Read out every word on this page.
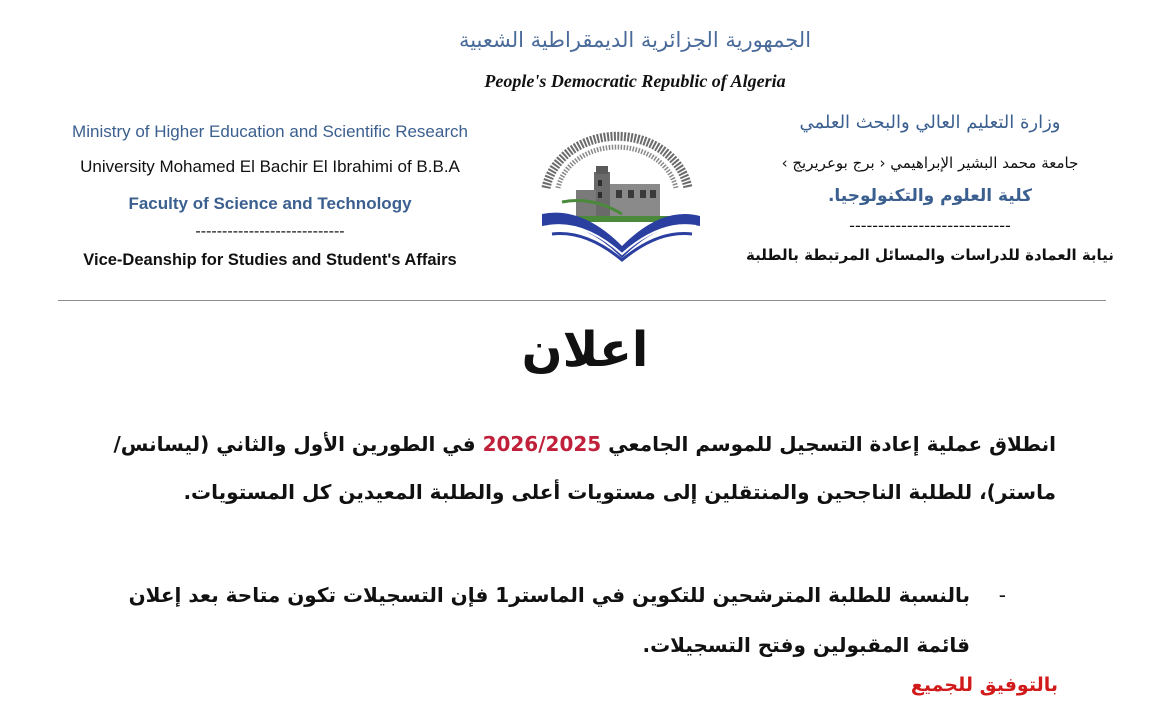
الجمهورية الجزائرية الديمقراطية الشعبية
People's Democratic Republic of Algeria

Ministry of Higher Education and Scientific Research

University Mohamed El Bachir El Ibrahimi of B.B.A

Faculty of Science and Technology

----------------------------

Vice-Deanship for Studies and Student's Affairs

وزارة التعليم العالي والبحث العلمي

جامعة محمد البشير الإبراهيمي ‹ برج بوعريريج ›

كلية العلوم والتكنولوجيا.

----------------------------

نيابة العمادة للدراسات والمسائل المرتبطة بالطلبة

اعلان
انطلاق عملية إعادة التسجيل للموسم الجامعي 2026/2025 في الطورين الأول والثاني (ليسانس/ماستر)، للطلبة الناجحين والمنتقلين إلى مستويات أعلى والطلبة المعيدين كل المستويات.
-
بالنسبة للطلبة المترشحين للتكوين في الماستر1 فإن التسجيلات تكون متاحة بعد إعلان قائمة المقبولين وفتح التسجيلات.
بالتوفيق للجميع
